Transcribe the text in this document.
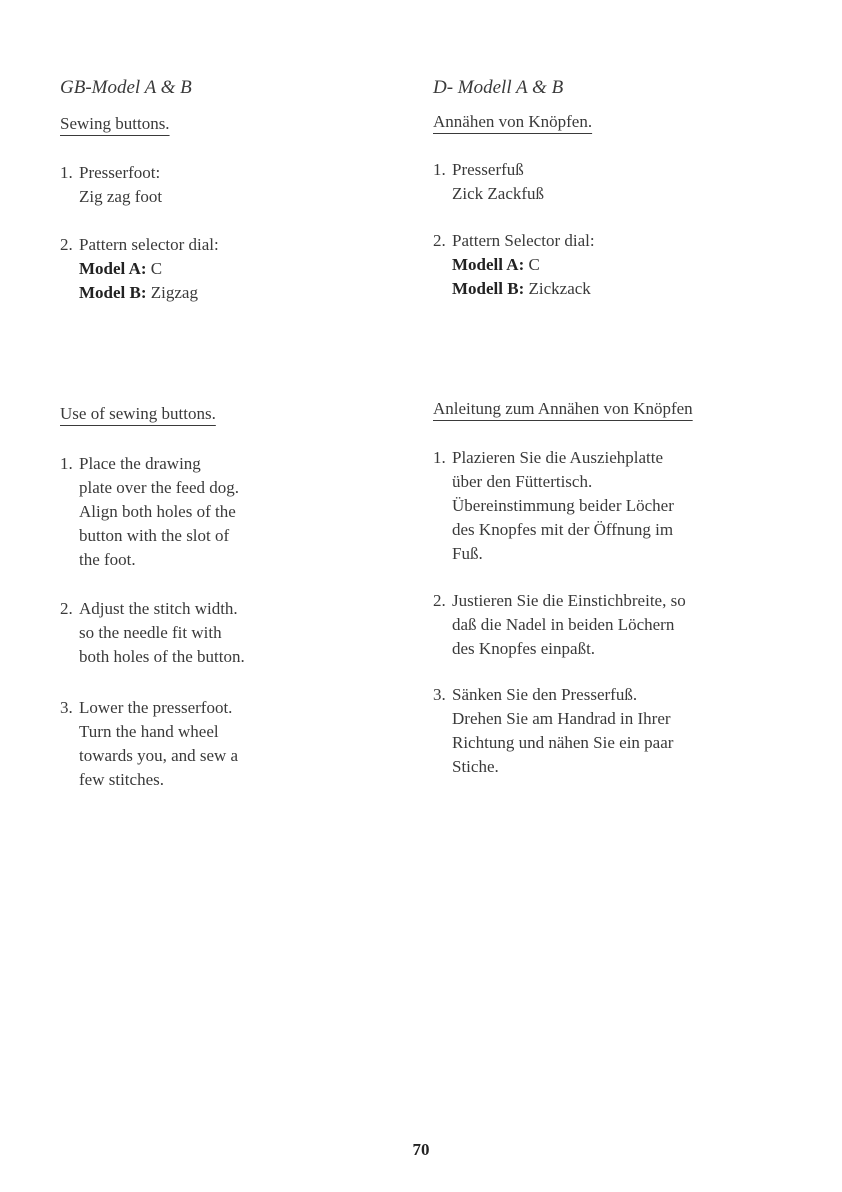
GB-Model A & B
Sewing buttons.
1. Presserfoot:
Zig zag foot
2. Pattern selector dial:
Model A: C
Model B: Zigzag
Use of sewing buttons.
1. Place the drawing
plate over the feed dog.
Align both holes of the
button with the slot of
the foot.
2. Adjust the stitch width.
so the needle fit with
both holes of the button.
3. Lower the presserfoot.
Turn the hand wheel
towards you, and sew a
few stitches.
D- Modell A & B
Annähen von Knöpfen.
1. Presserfuß
Zick Zackfuß
2. Pattern Selector dial:
Modell A: C
Modell B: Zickzack
Anleitung zum Annähen von Knöpfen
1. Plazieren Sie die Ausziehplatte
über den Füttertisch.
Übereinstimmung beider Löcher
des Knopfes mit der Öffnung im
Fuß.
2. Justieren Sie die Einstichbreite, so
daß die Nadel in beiden Löchern
des Knopfes einpaßt.
3. Sänken Sie den Presserfuß.
Drehen Sie am Handrad in Ihrer
Richtung und nähen Sie ein paar
Stiche.
70
